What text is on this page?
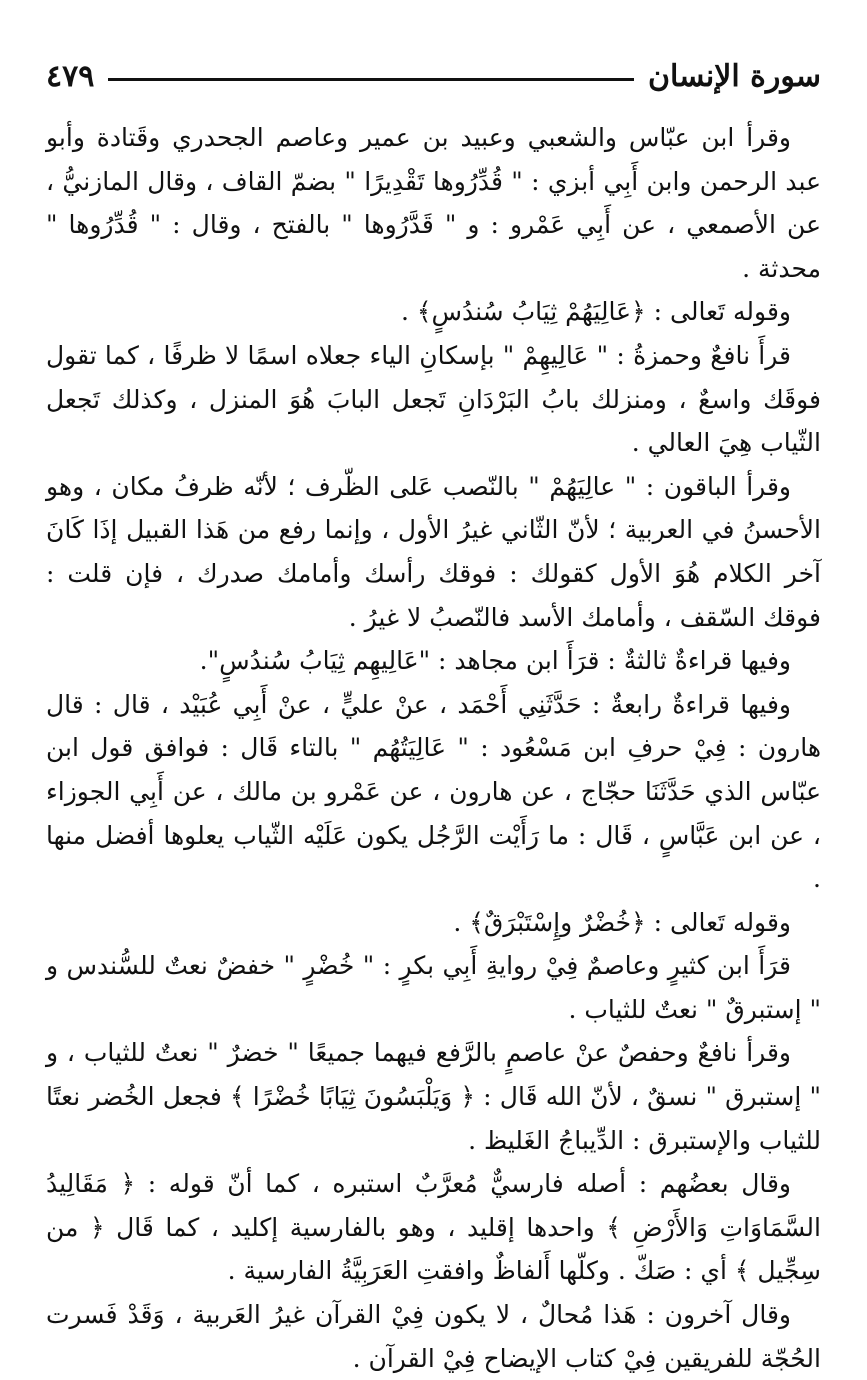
سورة الإنسان
٤٧٩

وقرأ ابن عبّاس والشعبي وعبيد بن عمير وعاصم الجحدري وقَتادة وأبو عبد الرحمن وابن أَبِي أبزي : " قُدِّرُوها تَقْدِيرًا " بضمّ القاف ، وقال المازنيُّ ، عن الأصمعي ، عن أَبِي عَمْرو : و " قَدَّرُوها " بالفتح ، وقال : " قُدِّرُوها " محدثة .

وقوله تَعالى : ﴿عَالِيَهُمْ ثِيَابُ سُندُسٍ﴾ .

قرأَ نافعٌ وحمزةُ : " عَالِيهِمْ " بإسكانِ الياء جعلاه اسمًا لا ظرفًا ، كما تقول فوقَك واسعٌ ، ومنزلك بابُ البَرْدَانِ تَجعل البابَ هُوَ المنزل ، وكذلك تَجعل الثّياب هِيَ العالي .

وقرأ الباقون : " عالِيَهُمْ " بالنّصب عَلى الظّرف ؛ لأنّه ظرفُ مكان ، وهو الأحسنُ في العربية ؛ لأنّ الثّاني غيرُ الأول ، وإنما رفع من هَذا القبيل إذَا كَانَ آخر الكلام هُوَ الأول كقولك : فوقك رأسك وأمامك صدرك ، فإن قلت : فوقك السّقف ، وأمامك الأسد فالنّصبُ لا غيرُ .

وفيها قراءةٌ ثالثةٌ : قرَأَ ابن مجاهد : "عَالِيهِم ثِيَابُ سُندُسٍ".

وفيها قراءةٌ رابعةٌ : حَدَّثَنِي أَحْمَد ، عنْ عليٍّ ، عنْ أَبِي عُبَيْد ، قال : قال هارون : فِيْ حرفِ ابن مَسْعُود : " عَالِيَتُهُم " بالتاء قَال : فوافق قول ابن عبّاس الذي حَدَّثَنَا حجّاج ، عن هارون ، عن عَمْرو بن مالك ، عن أَبِي الجوزاء ، عن ابن عَبَّاسٍ ، قَال : ما رَأَيْت الرَّجُل يكون عَلَيْه الثّياب يعلوها أفضل منها .

وقوله تَعالى : ﴿خُضْرٌ وإِسْتَبْرَقٌ﴾ .

قرَأَ ابن كثيرٍ وعاصمٌ فِيْ روايةِ أَبِي بكرٍ : " خُضْرٍ " خفضٌ نعتٌ للسُّندس و " إستبرقٌ " نعتٌ للثياب .

وقرأ نافعٌ وحفصٌ عنْ عاصمٍ بالرَّفع فيهما جميعًا " خضرٌ " نعتٌ للثياب ، و " إستبرق " نسقٌ ، لأنّ الله قَال : ﴿ وَيَلْبَسُونَ ثِيَابًا خُضْرًا ﴾ فجعل الخُضر نعتًا للثياب والإستبرق : الدِّيباجُ الغَليظ .

وقال بعضُهم : أصله فارسيٌّ مُعرَّبٌ استبره ، كما أنّ قوله : ﴿ مَقَالِيدُ السَّمَاوَاتِ وَالأَرْضِ ﴾ واحدها إقليد ، وهو بالفارسية إكليد ، كما قَال ﴿ من سِجِّيل ﴾ أي : صَكّ . وكلّها أَلفاظٌ وافقتِ العَرَبِيَّةُ الفارسية .

وقال آخرون : هَذا مُحالٌ ، لا يكون فِيْ القرآن غيرُ العَربية ، وَقَدْ فَسرت الحُجّة للفريقين فِيْ كتاب الإيضاح فِيْ القرآن .
